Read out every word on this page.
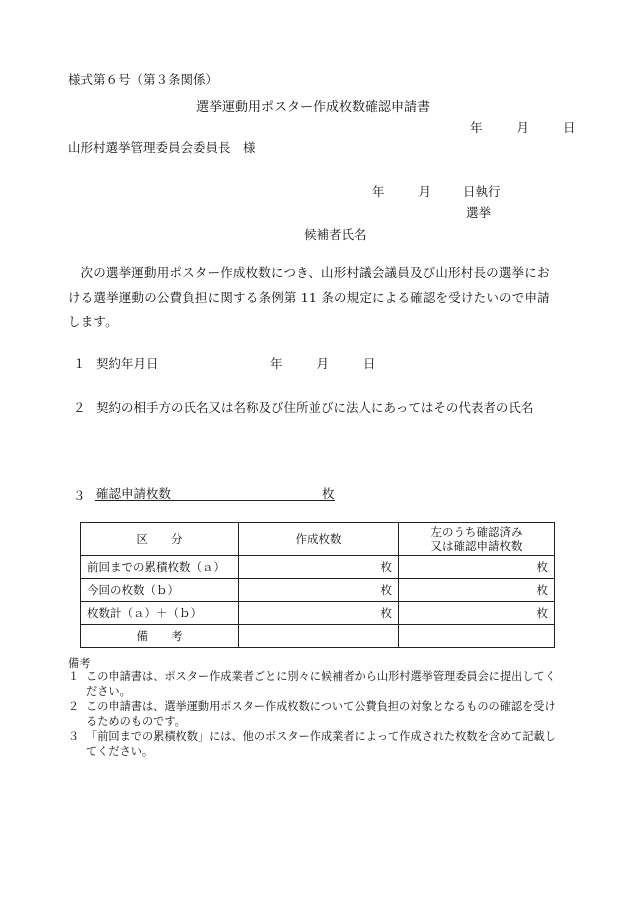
様式第６号（第３条関係）
選挙運動用ポスター作成枚数確認申請書
年	月	日
山形村選挙管理委員会委員長　様
年	月	日執行
選挙
候補者氏名
次の選挙運動用ポスター作成枚数につき、山形村議会議員及び山形村長の選挙における選挙運動の公費負担に関する条例第 11 条の規定による確認を受けたいので申請します。
１ 契約年月日	年	月	日
２ 契約の相手方の氏名又は名称及び住所並びに法人にあってはその代表者の氏名
３ 確認申請枚数	枚
区　　分	作成枚数	左のうち確認済み
又は確認申請枚数
前回までの累積枚数（ａ）	枚	枚
今回の枚数（ｂ）	枚	枚
枚数計（ａ）＋（ｂ）	枚	枚
備　　考		
備考
１ この申請書は、ポスター作成業者ごとに別々に候補者から山形村選挙管理委員会に提出してください。
２ この申請書は、選挙運動用ポスター作成枚数について公費負担の対象となるものの確認を受けるためのものです。
３ 「前回までの累積枚数」には、他のポスター作成業者によって作成された枚数を含めて記載してください。
